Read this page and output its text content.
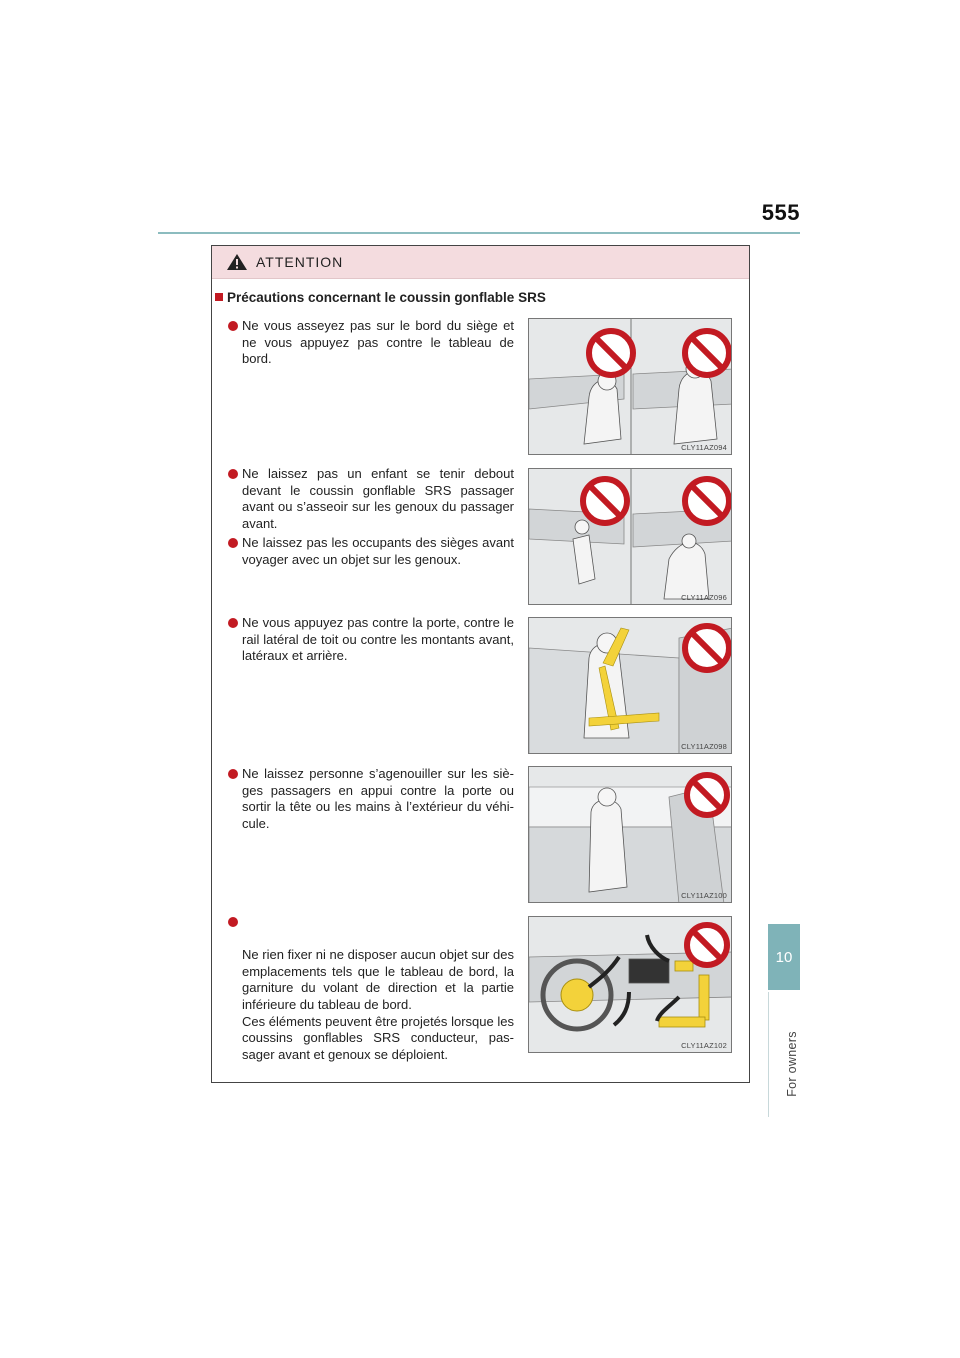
555
10
For owners
ATTENTION
Précautions concernant le coussin gonflable SRS
Ne vous asseyez pas sur le bord du siège et ne vous appuyez pas contre le tableau de bord.
Ne laissez pas un enfant se tenir debout devant le coussin gonflable SRS passager avant ou s’asseoir sur les genoux du passager avant.
Ne laissez pas les occupants des sièges avant voyager avec un objet sur les genoux.
Ne vous appuyez pas contre la porte, contre le rail latéral de toit ou contre les montants avant, latéraux et arrière.
Ne laissez personne s’agenouiller sur les siè-ges passagers en appui contre la porte ou sortir la tête ou les mains à l’extérieur du véhi-cule.

Ne rien fixer ni ne disposer aucun objet sur des emplacements tels que le tableau de bord, la garniture du volant de direction et la partie inférieure du tableau de bord.
Ces éléments peuvent être projetés lorsque les coussins gonflables SRS conducteur, pas-sager avant et genoux se déploient.

CLY11AZ094
CLY11AZ096
CLY11AZ098
CLY11AZ100
CLY11AZ102
